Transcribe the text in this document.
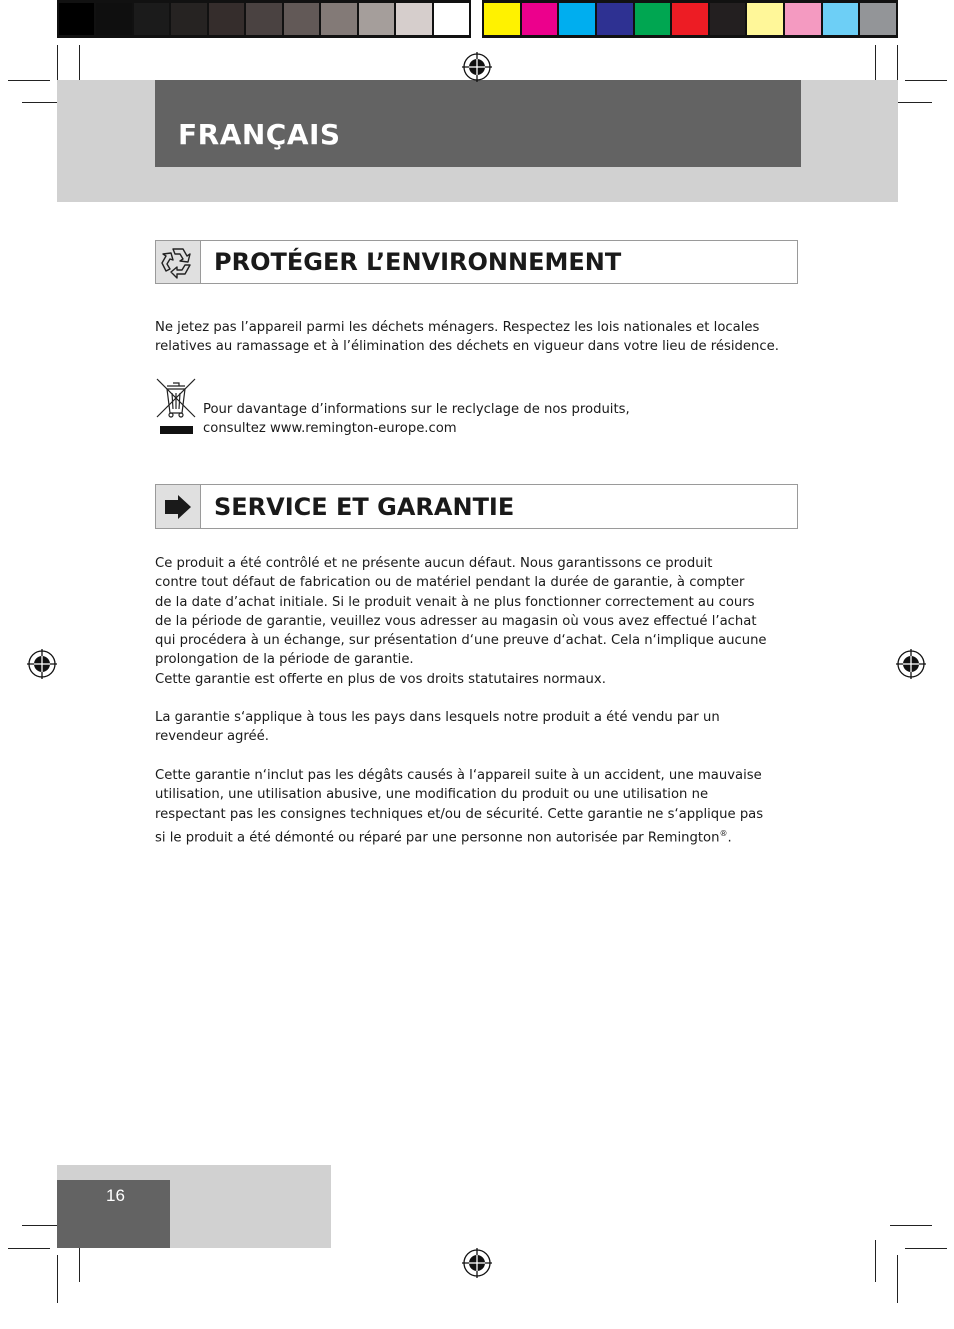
FRANÇAIS
PROTÉGER L’ENVIRONNEMENT

Ne jetez pas l’appareil parmi les déchets ménagers. Respectez les lois nationales et locales

relatives au ramassage et à l’élimination des déchets en vigueur dans votre lieu de résidence.

Pour davantage d’informations sur le reclyclage de nos produits,

consultez www.remington-europe.com

SERVICE ET GARANTIE

Ce produit a été contrôlé et ne présente aucun défaut. Nous garantissons ce produit

contre tout défaut de fabrication ou de matériel pendant la durée de garantie, à compter

de la date d’achat initiale. Si le produit venait à ne plus fonctionner correctement au cours

de la période de garantie, veuillez vous adresser au magasin où vous avez effectué l’achat

qui procédera à un échange, sur présentation d‘une preuve d‘achat. Cela n‘implique aucune

prolongation de la période de garantie.

Cette garantie est offerte en plus de vos droits statutaires normaux.

La garantie s‘applique à tous les pays dans lesquels notre produit a été vendu par un

revendeur agréé.

Cette garantie n‘inclut pas les dégâts causés à l‘appareil suite à un accident, une mauvaise

utilisation, une utilisation abusive, une modification du produit ou une utilisation ne

respectant pas les consignes techniques et/ou de sécurité. Cette garantie ne s‘applique pas

si le produit a été démonté ou réparé par une personne non autorisée par Remington®.

16
